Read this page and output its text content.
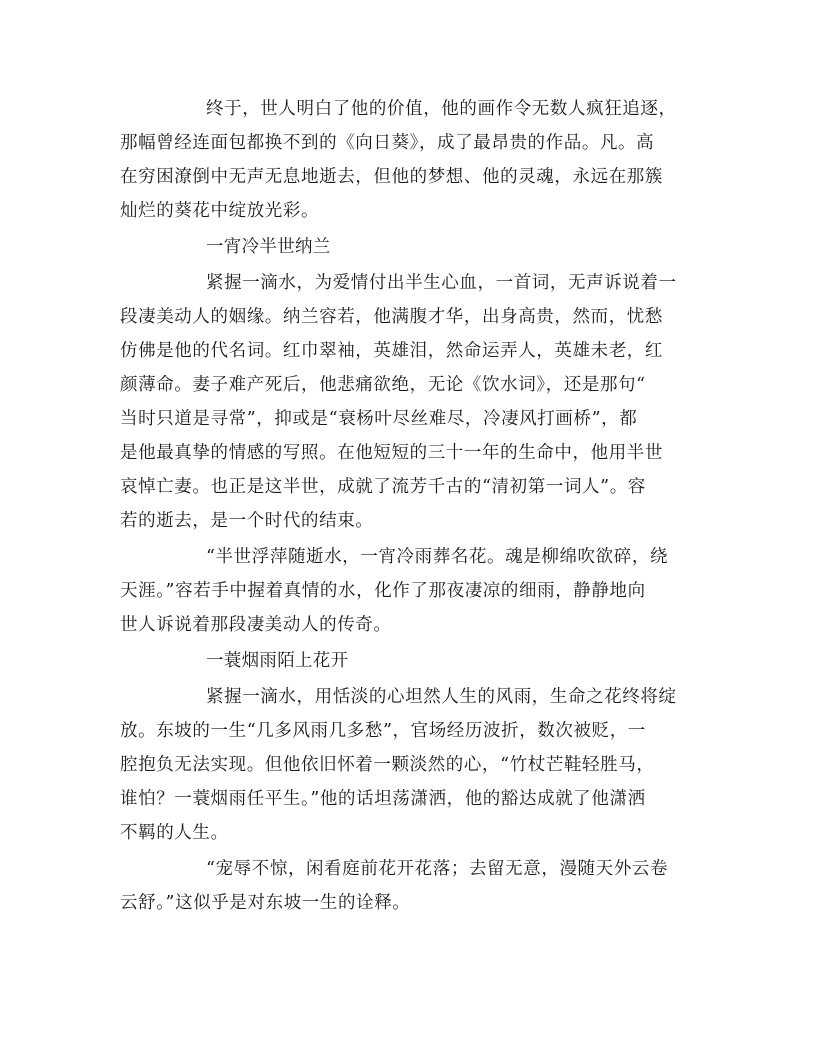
终于，世人明白了他的价值，他的画作令无数人疯狂追逐，
那幅曾经连面包都换不到的《向日葵》，成了最昂贵的作品。凡。高
在穷困潦倒中无声无息地逝去，但他的梦想、他的灵魂，永远在那簇
灿烂的葵花中绽放光彩。
一宵冷半世纳兰
紧握一滴水，为爱情付出半生心血，一首词，无声诉说着一
段凄美动人的姻缘。纳兰容若，他满腹才华，出身高贵，然而，忧愁
仿佛是他的代名词。红巾翠袖，英雄泪，然命运弄人，英雄未老，红
颜薄命。妻子难产死后，他悲痛欲绝，无论《饮水词》，还是那句“
当时只道是寻常”，抑或是“衰杨叶尽丝难尽，冷凄风打画桥”，都
是他最真挚的情感的写照。在他短短的三十一年的生命中，他用半世
哀悼亡妻。也正是这半世，成就了流芳千古的“清初第一词人”。容
若的逝去，是一个时代的结束。
“半世浮萍随逝水，一宵冷雨葬名花。魂是柳绵吹欲碎，绕
天涯。”容若手中握着真情的水，化作了那夜凄凉的细雨，静静地向
世人诉说着那段凄美动人的传奇。
一蓑烟雨陌上花开
紧握一滴水，用恬淡的心坦然人生的风雨，生命之花终将绽
放。东坡的一生“几多风雨几多愁”，官场经历波折，数次被贬，一
腔抱负无法实现。但他依旧怀着一颗淡然的心，“竹杖芒鞋轻胜马，
谁怕？一蓑烟雨任平生。”他的话坦荡潇洒，他的豁达成就了他潇洒
不羁的人生。
“宠辱不惊，闲看庭前花开花落；去留无意，漫随天外云卷
云舒。”这似乎是对东坡一生的诠释。
